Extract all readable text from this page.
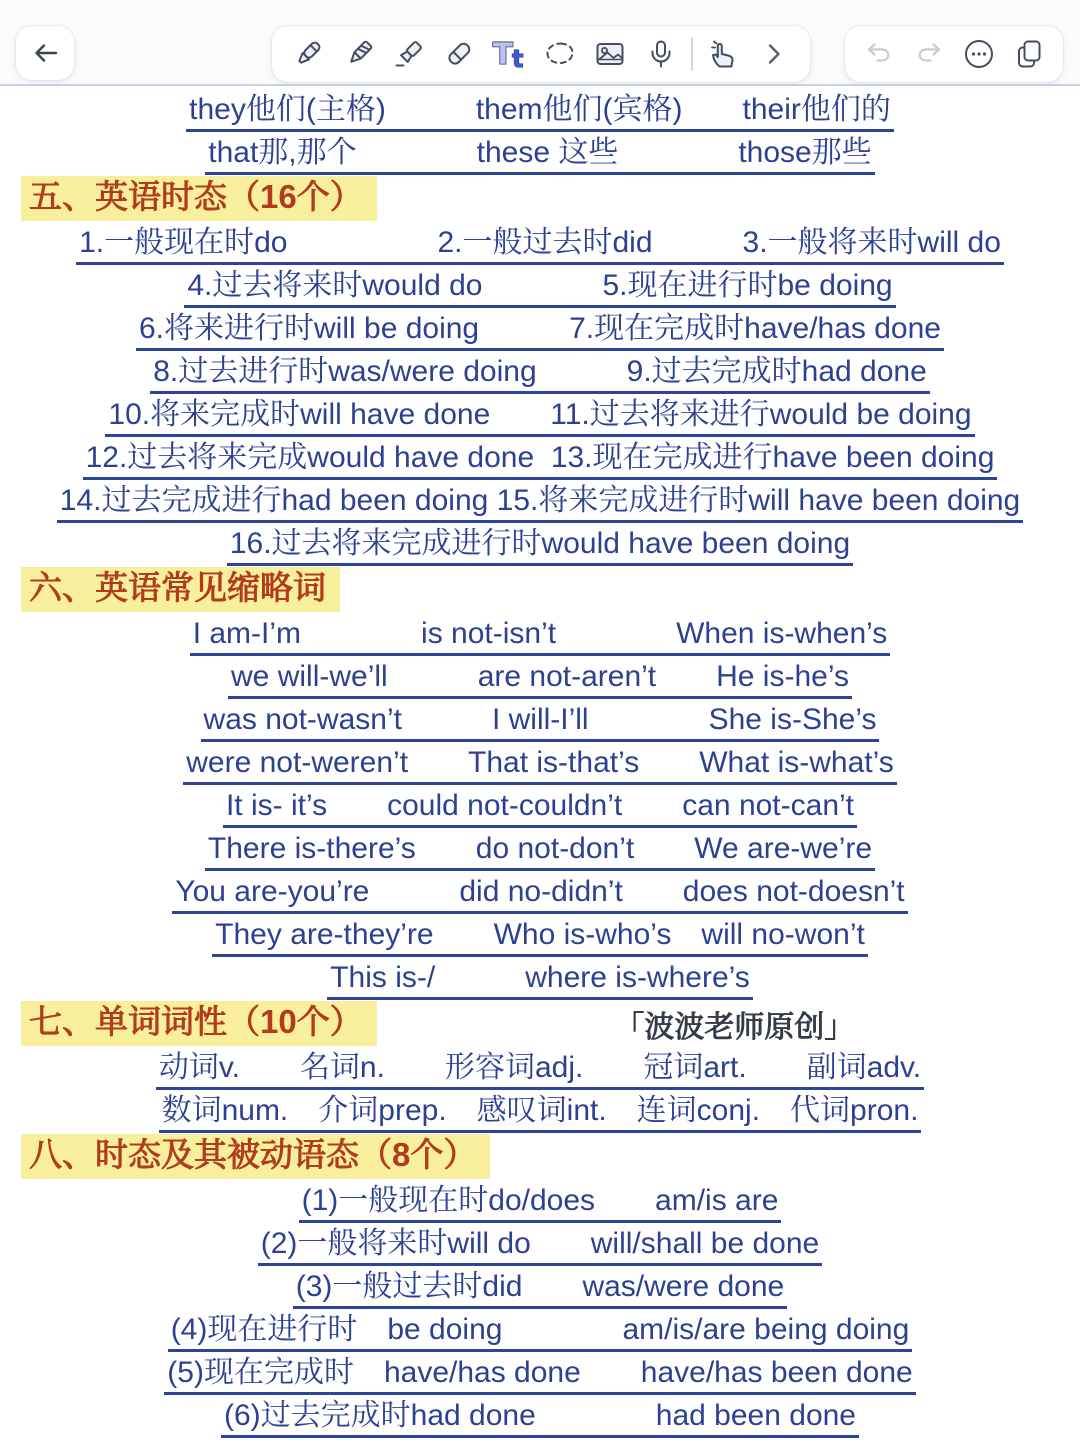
T t
they他们(主格)　　　them他们(宾格)　　their他们的
that那,那个　　　　these 这些　　　　those那些
五、英语时态（16个）
1.一般现在时do　　　　　2.一般过去时did　　　3.一般将来时will do
4.过去将来时would do　　　　5.现在进行时be doing
6.将来进行时will be doing　　　7.现在完成时have/has done
8.过去进行时was/were doing　　　9.过去完成时had done
10.将来完成时will have done　　11.过去将来进行would be doing
12.过去将来完成would have done  13.现在完成进行have been doing
14.过去完成进行had been doing 15.将来完成进行时will have been doing
16.过去将来完成进行时would have been doing
六、英语常见缩略词
I am-I’m　　　　is not-isn’t　　　　When is-when’s
we will-we’ll　　　are not-aren’t　　He is-he’s
was not-wasn’t　　　I will-I’ll　　　　She is-She’s
were not-weren’t　　That is-that’s　　What is-what’s
It is- it’s　　could not-couldn’t　　can not-can’t
There is-there’s　　do not-don’t　　We are-we’re
You are-you’re　　　did no-didn’t　　does not-doesn’t
They are-they’re　　Who is-who’s　will no-won’t
This is-/　　　where is-where’s
七、单词词性（10个）	「波波老师原创」
动词v.　　名词n.　　形容词adj.　　冠词art.　　副词adv.
数词num.　介词prep.　感叹词int.　连词conj.　代词pron.
八、时态及其被动语态（8个）
(1)一般现在时do/does　　am/is are
(2)一般将来时will do　　will/shall be done
(3)一般过去时did　　was/were done
(4)现在进行时　be doing　　　　am/is/are being doing
(5)现在完成时　have/has done　　have/has been done
(6)过去完成时had done　　　　had been done
